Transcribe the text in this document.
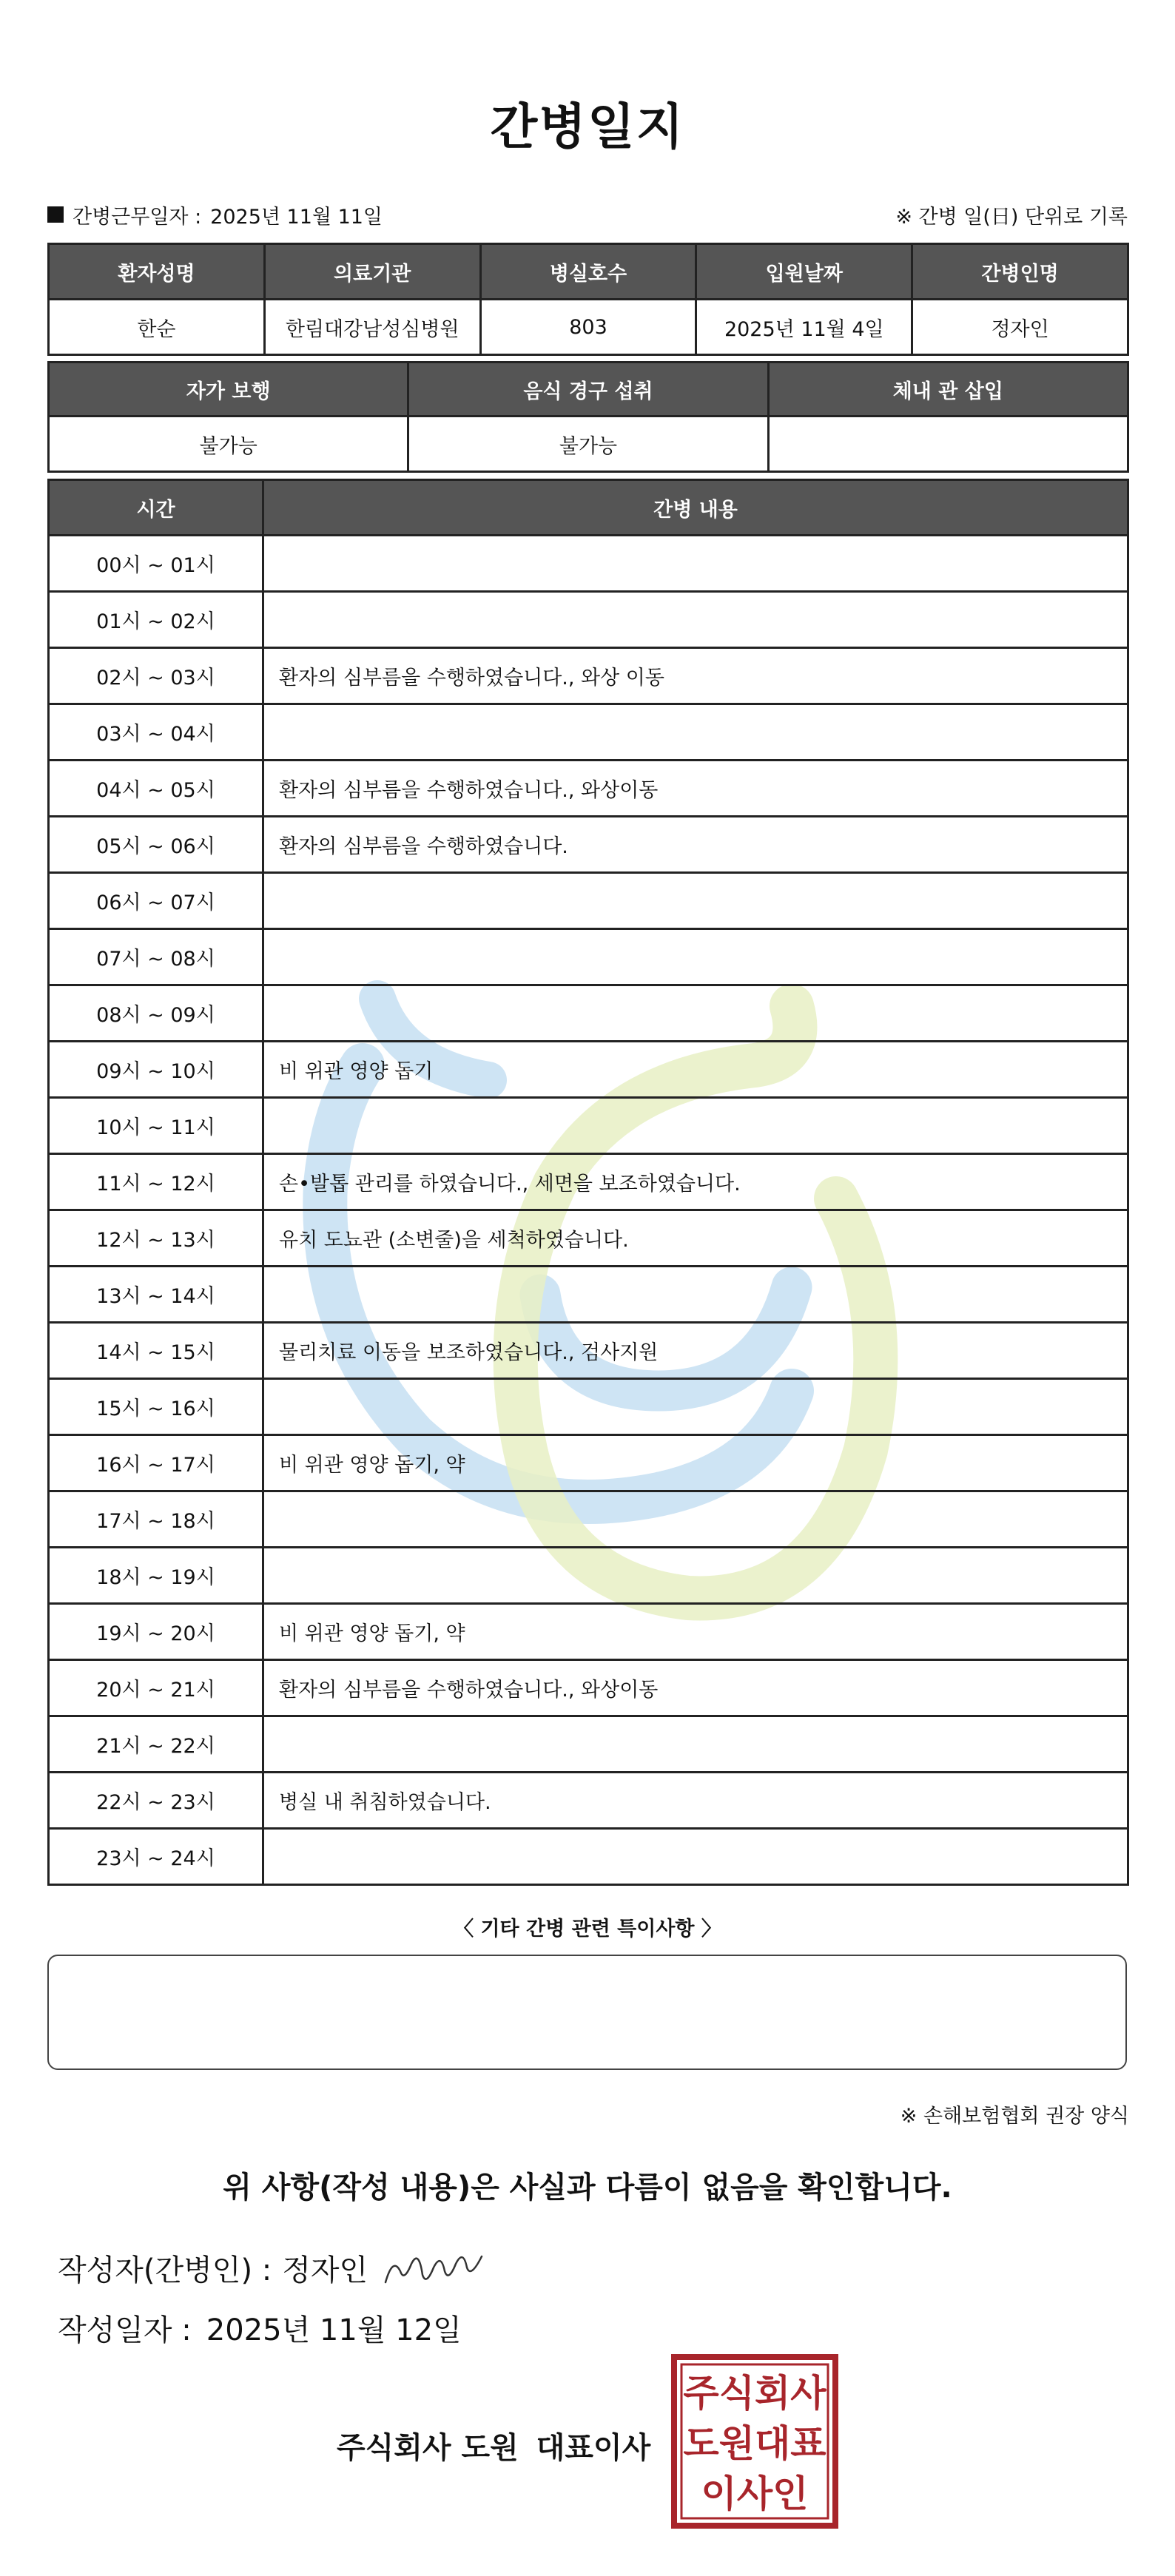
간병일지
간병근무일자 : 2025년 11월 11일	※ 간병 일(日) 단위로 기록
환자성명	의료기관	병실호수	입원날짜	간병인명
한순	한림대강남성심병원	803	2025년 11월 4일	정자인
자가 보행	음식 경구 섭취	체내 관 삽입
불가능	불가능	
시간	간병 내용
00시 ~ 01시	
01시 ~ 02시	
02시 ~ 03시	환자의 심부름을 수행하였습니다., 와상 이동
03시 ~ 04시	
04시 ~ 05시	환자의 심부름을 수행하였습니다., 와상이동
05시 ~ 06시	환자의 심부름을 수행하였습니다.
06시 ~ 07시	
07시 ~ 08시	
08시 ~ 09시	
09시 ~ 10시	비 위관 영양 돕기
10시 ~ 11시	
11시 ~ 12시	손•발톱 관리를 하였습니다., 세면을 보조하였습니다.
12시 ~ 13시	유치 도뇨관 (소변줄)을 세척하였습니다.
13시 ~ 14시	
14시 ~ 15시	물리치료 이동을 보조하였습니다., 검사지원
15시 ~ 16시	
16시 ~ 17시	비 위관 영양 돕기, 약
17시 ~ 18시	
18시 ~ 19시	
19시 ~ 20시	비 위관 영양 돕기, 약
20시 ~ 21시	환자의 심부름을 수행하였습니다., 와상이동
21시 ~ 22시	
22시 ~ 23시	병실 내 취침하였습니다.
23시 ~ 24시	
〈 기타 간병 관련 특이사항 〉
※ 손해보험협회 권장 양식
위 사항(작성 내용)은 사실과 다름이 없음을 확인합니다.
작성자(간병인) : 정자인
작성일자 : 2025년 11월 12일
주식회사 도원 대표이사
주식회사
도원대표
이사인
